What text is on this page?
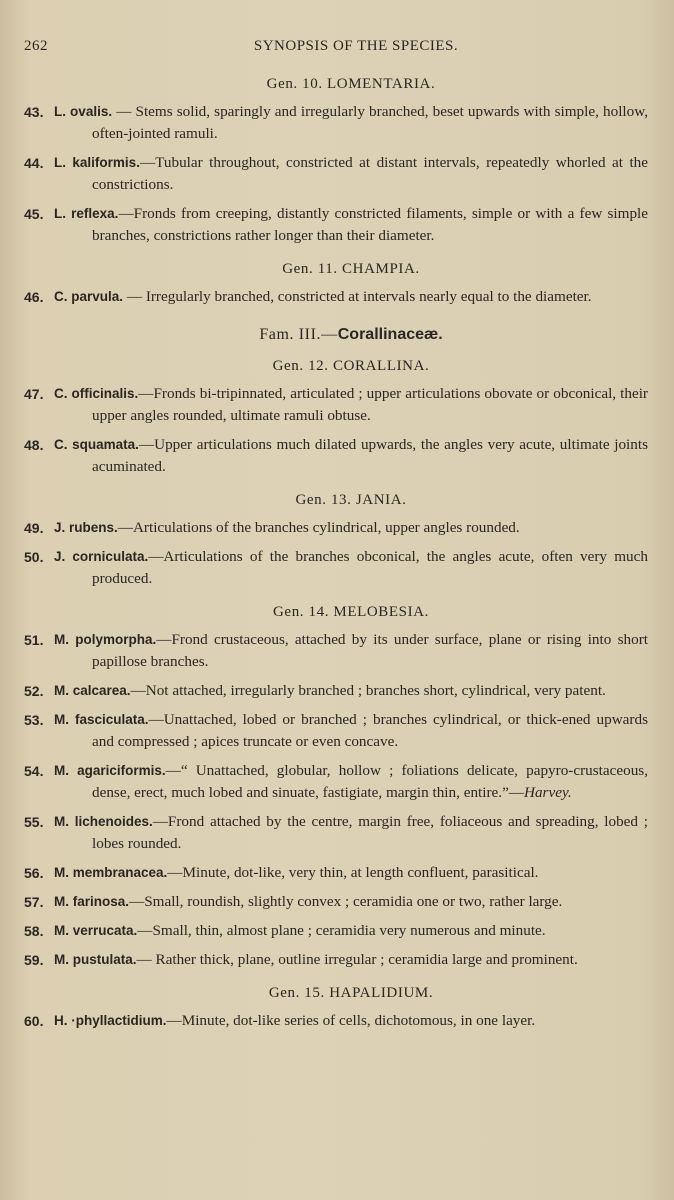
262	SYNOPSIS OF THE SPECIES.
Gen. 10. LOMENTARIA.
43. L. ovalis. — Stems solid, sparingly and irregularly branched, beset upwards with simple, hollow, often-jointed ramuli.
44. L. kaliformis.—Tubular throughout, constricted at distant intervals, repeatedly whorled at the constrictions.
45. L. reflexa.—Fronds from creeping, distantly constricted filaments, simple or with a few simple branches, constrictions rather longer than their diameter.
Gen. 11. CHAMPIA.
46. C. parvula. — Irregularly branched, constricted at intervals nearly equal to the diameter.
Fam. III.—Corallinaceæ.
Gen. 12. CORALLINA.
47. C. officinalis.—Fronds bi-tripinnated, articulated ; upper articulations obovate or obconical, their upper angles rounded, ultimate ramuli obtuse.
48. C. squamata.—Upper articulations much dilated upwards, the angles very acute, ultimate joints acuminated.
Gen. 13. JANIA.
49. J. rubens.—Articulations of the branches cylindrical, upper angles rounded.
50. J. corniculata.—Articulations of the branches obconical, the angles acute, often very much produced.
Gen. 14. MELOBESIA.
51. M. polymorpha.—Frond crustaceous, attached by its under surface, plane or rising into short papillose branches.
52. M. calcarea.—Not attached, irregularly branched ; branches short, cylindrical, very patent.
53. M. fasciculata.—Unattached, lobed or branched ; branches cylindrical, or thick-ened upwards and compressed ; apices truncate or even concave.
54. M. agariciformis.—“ Unattached, globular, hollow ; foliations delicate, papyro-crustaceous, dense, erect, much lobed and sinuate, fastigiate, margin thin, entire.”—Harvey.
55. M. lichenoides.—Frond attached by the centre, margin free, foliaceous and spreading, lobed ; lobes rounded.
56. M. membranacea.—Minute, dot-like, very thin, at length confluent, parasitical.
57. M. farinosa.—Small, roundish, slightly convex ; ceramidia one or two, rather large.
58. M. verrucata.—Small, thin, almost plane ; ceramidia very numerous and minute.
59. M. pustulata.— Rather thick, plane, outline irregular ; ceramidia large and prominent.
Gen. 15. HAPALIDIUM.
60. H. ·phyllactidium.—Minute, dot-like series of cells, dichotomous, in one layer.
